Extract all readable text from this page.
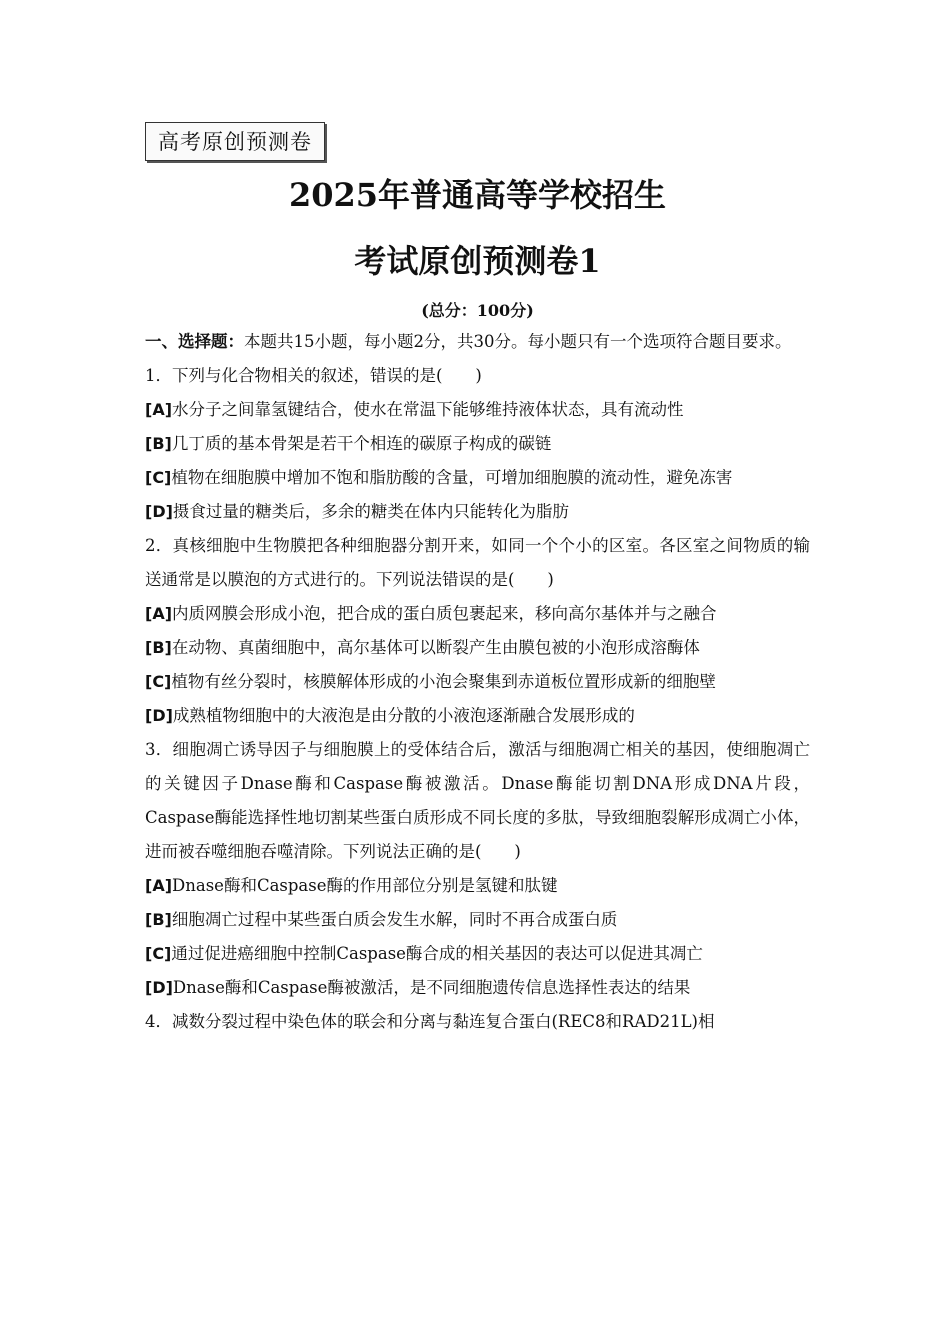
高考原创预测卷
2025年普通高等学校招生
考试原创预测卷1
(总分：100分)
一、选择题：本题共15小题，每小题2分，共30分。每小题只有一个选项符合题目要求。
1．下列与化合物相关的叙述，错误的是(　　)
[A]水分子之间靠氢键结合，使水在常温下能够维持液体状态，具有流动性
[B]几丁质的基本骨架是若干个相连的碳原子构成的碳链
[C]植物在细胞膜中增加不饱和脂肪酸的含量，可增加细胞膜的流动性，避免冻害
[D]摄食过量的糖类后，多余的糖类在体内只能转化为脂肪
2．真核细胞中生物膜把各种细胞器分割开来，如同一个个小的区室。各区室之间物质的输送通常是以膜泡的方式进行的。下列说法错误的是(　　)
[A]内质网膜会形成小泡，把合成的蛋白质包裹起来，移向高尔基体并与之融合
[B]在动物、真菌细胞中，高尔基体可以断裂产生由膜包被的小泡形成溶酶体
[C]植物有丝分裂时，核膜解体形成的小泡会聚集到赤道板位置形成新的细胞壁
[D]成熟植物细胞中的大液泡是由分散的小液泡逐渐融合发展形成的
3．细胞凋亡诱导因子与细胞膜上的受体结合后，激活与细胞凋亡相关的基因，使细胞凋亡的关键因子Dnase酶和Caspase酶被激活。Dnase酶能切割DNA形成DNA片段，Caspase酶能选择性地切割某些蛋白质形成不同长度的多肽，导致细胞裂解形成凋亡小体，进而被吞噬细胞吞噬清除。下列说法正确的是(　　)
[A]Dnase酶和Caspase酶的作用部位分别是氢键和肽键
[B]细胞凋亡过程中某些蛋白质会发生水解，同时不再合成蛋白质
[C]通过促进癌细胞中控制Caspase酶合成的相关基因的表达可以促进其凋亡
[D]Dnase酶和Caspase酶被激活，是不同细胞遗传信息选择性表达的结果
4．减数分裂过程中染色体的联会和分离与黏连复合蛋白(REC8和RAD21L)相
